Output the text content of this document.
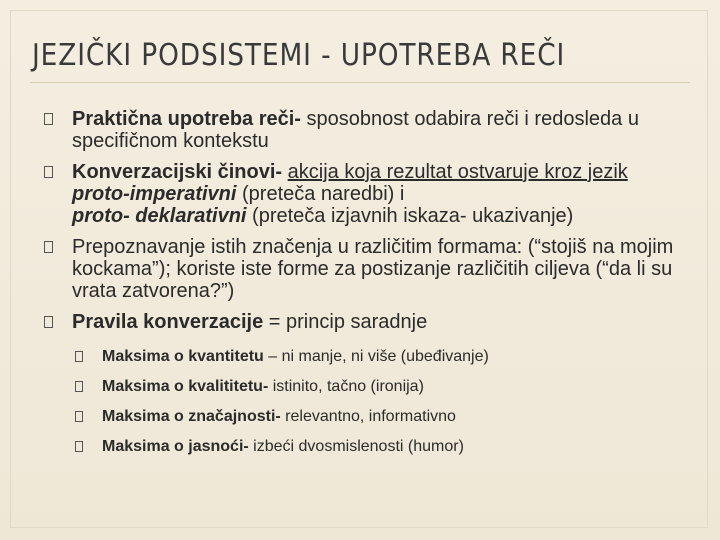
JEZIČKI PODSISTEMI - UPOTREBA REČI
Praktična upotreba reči- sposobnost odabira reči i redosleda u specifičnom kontekstu
Konverzacijski činovi- akcija koja rezultat ostvaruje kroz jezik
proto-imperativni (preteča naredbi) i
proto- deklarativni (preteča izjavnih iskaza- ukazivanje)
Prepoznavanje istih značenja u različitim formama: (“stojiš na mojim kockama”); koriste iste forme za postizanje različitih ciljeva (“da li su vrata zatvorena?”)
Pravila konverzacije = princip saradnje
Maksima o kvantitetu – ni manje, ni više (ubeđivanje)
Maksima o kvalititetu- istinito, tačno (ironija)
Maksima o značajnosti- relevantno, informativno
Maksima o jasnoći- izbeći dvosmislenosti (humor)
